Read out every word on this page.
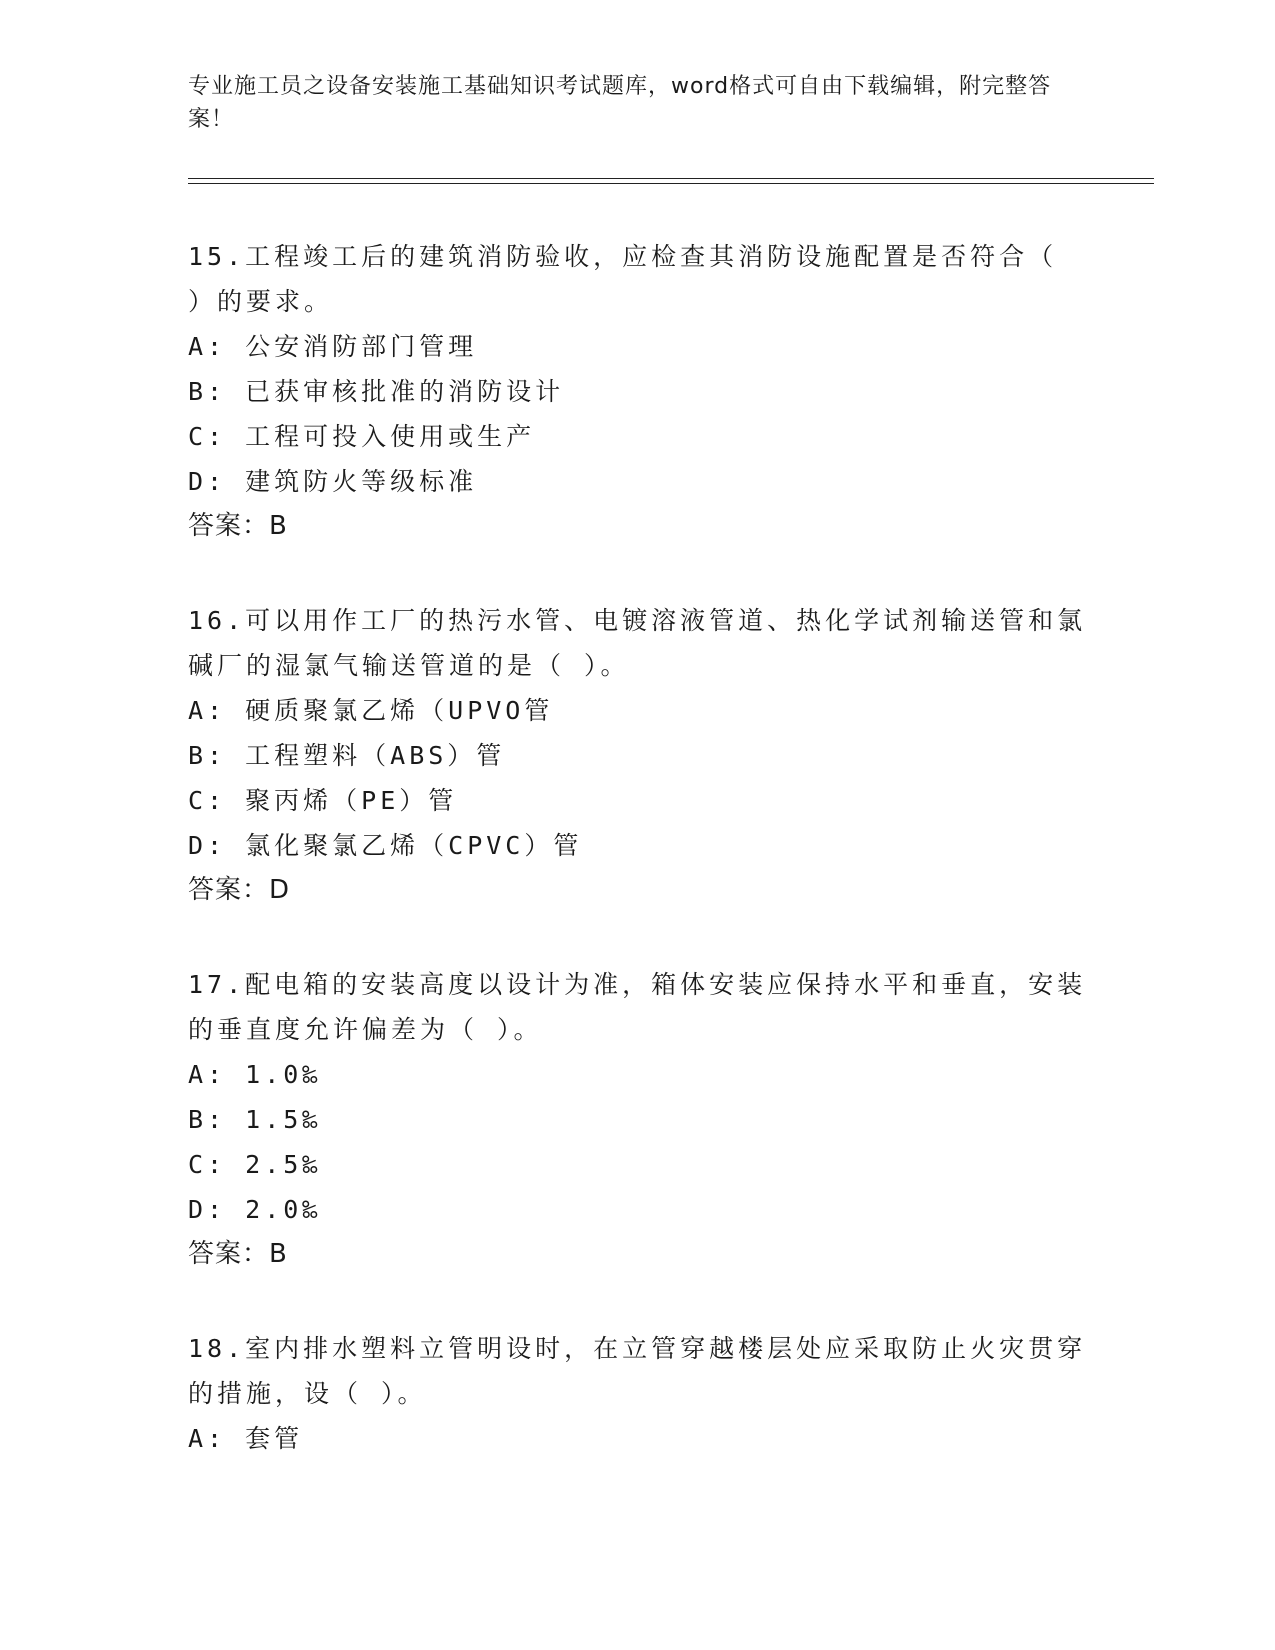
专业施工员之设备安装施工基础知识考试题库，word格式可自由下载编辑，附完整答案！

15.工程竣工后的建筑消防验收，应检查其消防设施配置是否符合（ ）的要求。

A: 公安消防部门管理

B: 已获审核批准的消防设计

C: 工程可投入使用或生产

D: 建筑防火等级标准

答案：B

16.可以用作工厂的热污水管、电镀溶液管道、热化学试剂输送管和氯碱厂的湿氯气输送管道的是（ ）。

A: 硬质聚氯乙烯（UPVO管

B: 工程塑料（ABS）管

C: 聚丙烯（PE）管

D: 氯化聚氯乙烯（CPVC）管

答案：D

17.配电箱的安装高度以设计为准，箱体安装应保持水平和垂直，安装的垂直度允许偏差为（ ）。

A: 1.0‰

B: 1.5‰

C: 2.5‰

D: 2.0‰

答案：B

18.室内排水塑料立管明设时，在立管穿越楼层处应采取防止火灾贯穿的措施，设（ ）。

A: 套管
